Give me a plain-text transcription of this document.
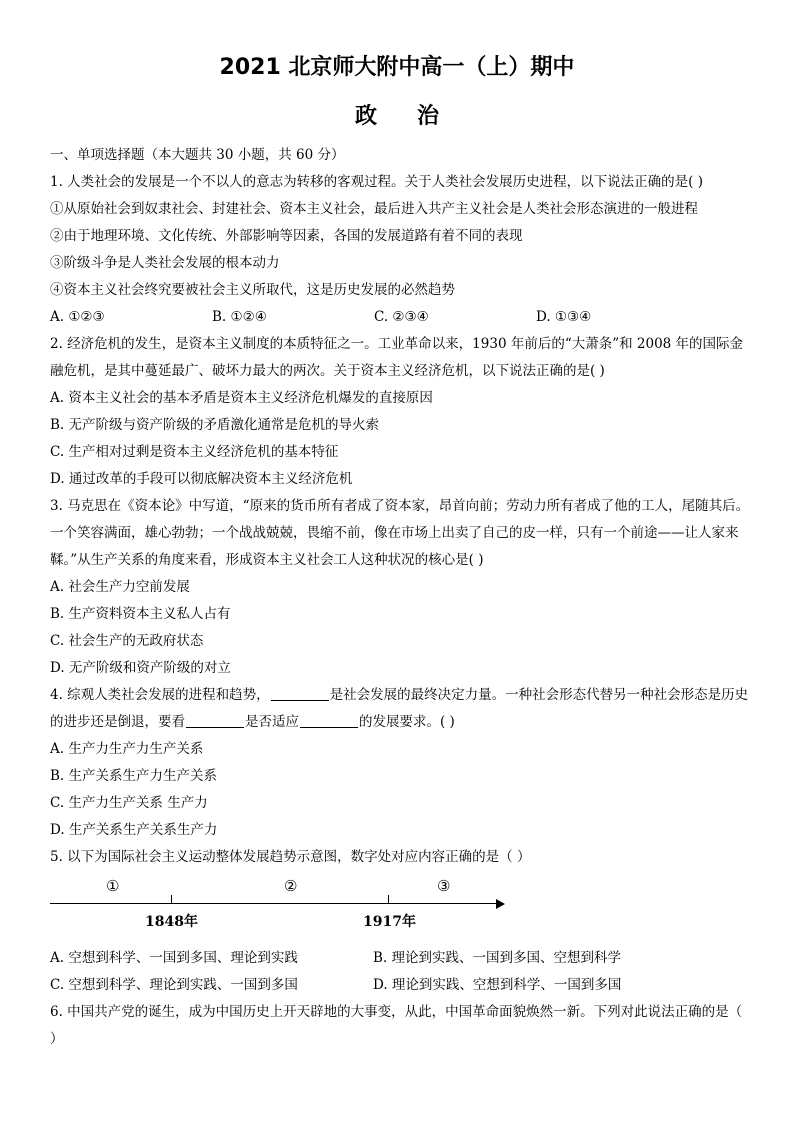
2021 北京师大附中高一（上）期中
政治
一、单项选择题（本大题共 30 小题，共 60 分）
1. 人类社会的发展是一个不以人的意志为转移的客观过程。关于人类社会发展历史进程，以下说法正确的是( )
①从原始社会到奴隶社会、封建社会、资本主义社会，最后进入共产主义社会是人类社会形态演进的一般进程
②由于地理环境、文化传统、外部影响等因素，各国的发展道路有着不同的表现
③阶级斗争是人类社会发展的根本动力
④资本主义社会终究要被社会主义所取代，这是历史发展的必然趋势
A. ①②③	B. ①②④	C. ②③④	D. ①③④
2. 经济危机的发生，是资本主义制度的本质特征之一。工业革命以来，1930 年前后的“大萧条”和 2008 年的国际金融危机，是其中蔓延最广、破坏力最大的两次。关于资本主义经济危机，以下说法正确的是( )
A. 资本主义社会的基本矛盾是资本主义经济危机爆发的直接原因
B. 无产阶级与资产阶级的矛盾激化通常是危机的导火索
C. 生产相对过剩是资本主义经济危机的基本特征
D. 通过改革的手段可以彻底解决资本主义经济危机
3. 马克思在《资本论》中写道，“原来的货币所有者成了资本家，昂首向前；劳动力所有者成了他的工人，尾随其后。一个笑容满面，雄心勃勃；一个战战兢兢，畏缩不前，像在市场上出卖了自己的皮一样，只有一个前途——让人家来鞣。”从生产关系的角度来看，形成资本主义社会工人这种状况的核心是( )
A. 社会生产力空前发展
B. 生产资料资本主义私人占有
C. 社会生产的无政府状态
D. 无产阶级和资产阶级的对立
4. 综观人类社会发展的进程和趋势，	是社会发展的最终决定力量。一种社会形态代替另一种社会形态是历史的进步还是倒退，要看	是否适应	的发展要求。( )
A. 生产力生产力生产关系
B. 生产关系生产力生产关系
C. 生产力生产关系 生产力
D. 生产关系生产关系生产力
5. 以下为国际社会主义运动整体发展趋势示意图，数字处对应内容正确的是（ ）
①	②	③
1848年	1917年
A. 空想到科学、一国到多国、理论到实践	B. 理论到实践、一国到多国、空想到科学
C. 空想到科学、理论到实践、一国到多国	D. 理论到实践、空想到科学、一国到多国
6. 中国共产党的诞生，成为中国历史上开天辟地的大事变，从此，中国革命面貌焕然一新。下列对此说法正确的是（ ）
